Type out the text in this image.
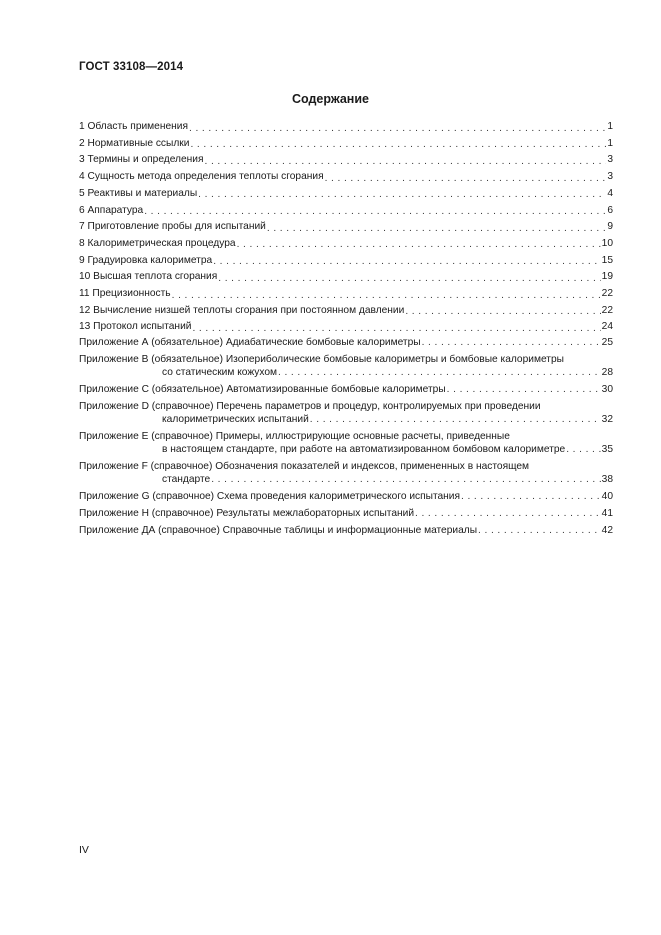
ГОСТ 33108—2014
Содержание
1 Область применения . . .	1
2 Нормативные ссылки . . .	1
3 Термины и определения . . .	3
4 Сущность метода определения теплоты сгорания . . .	3
5 Реактивы и материалы . . .	4
6 Аппаратура . . .	6
7 Приготовление пробы для испытаний . . .	9
8 Калориметрическая процедура . . .	10
9 Градуировка калориметра . . .	15
10 Высшая теплота сгорания . . .	19
11 Прецизионность . . .	22
12 Вычисление низшей теплоты сгорания при постоянном давлении . . .	22
13 Протокол испытаний . . .	24
Приложение А (обязательное) Адиабатические бомбовые калориметры . . .	25
Приложение В (обязательное) Изопериболические бомбовые калориметры и бомбовые калориметры
со статическим кожухом . . .	28
Приложение С (обязательное) Автоматизированные бомбовые калориметры . . .	30
Приложение D (справочное) Перечень параметров и процедур, контролируемых при проведении
калориметрических испытаний . . .	32
Приложение Е (справочное) Примеры, иллюстрирующие основные расчеты, приведенные
в настоящем стандарте, при работе на автоматизированном бомбовом калориметре . . .	35
Приложение F (справочное) Обозначения показателей и индексов, примененных в настоящем
стандарте . . .	38
Приложение G (справочное) Схема проведения калориметрического испытания . . .	40
Приложение Н (справочное) Результаты межлабораторных испытаний . . .	41
Приложение ДА (справочное) Справочные таблицы и информационные материалы . . .	42
IV
